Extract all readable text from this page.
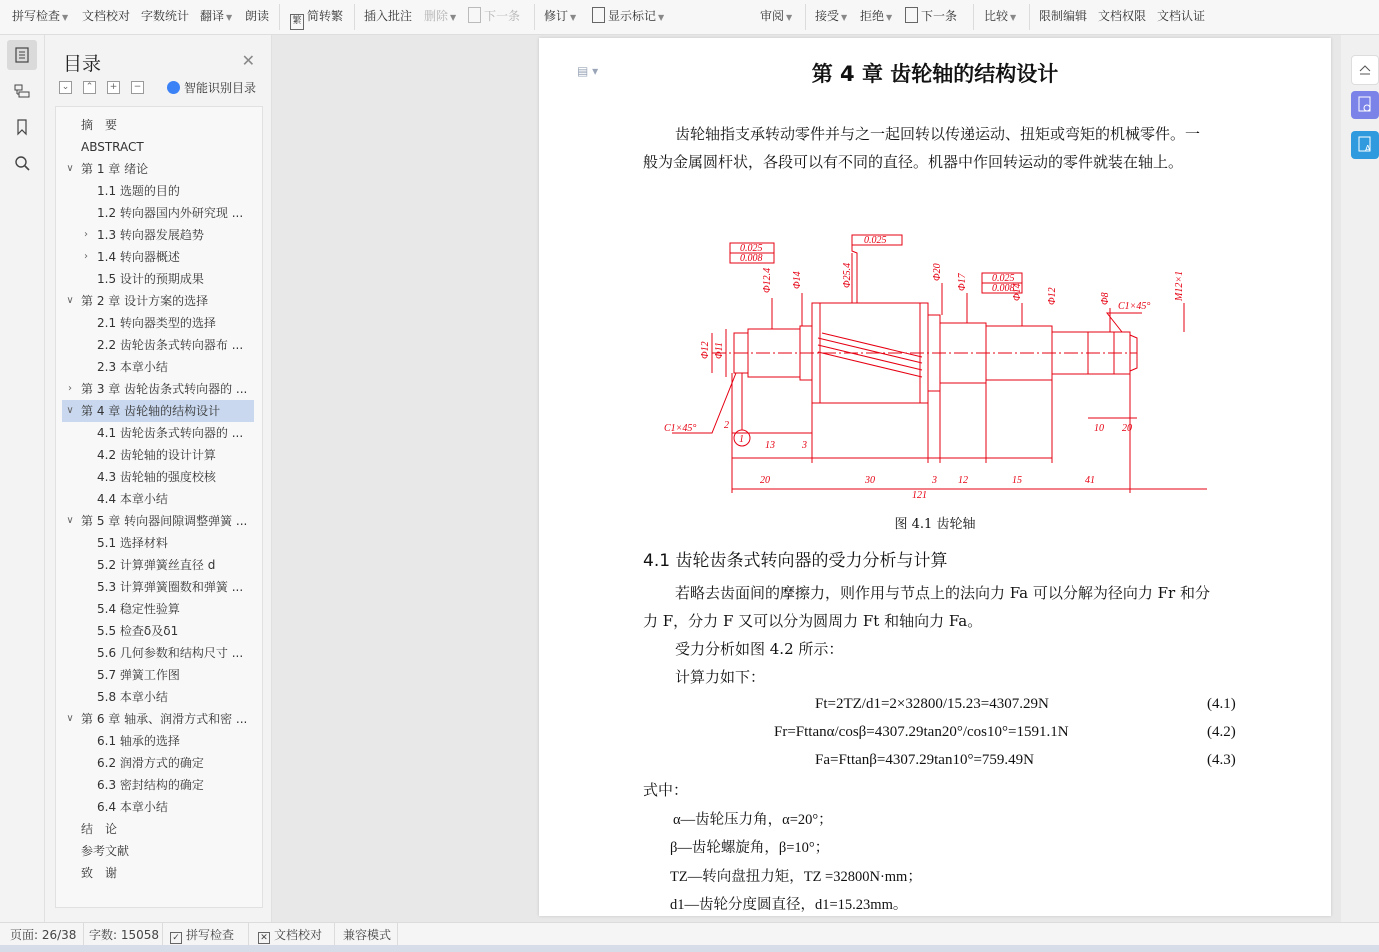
拼写检查 ▼ 文档校对 字数统计 翻译 ▼ 朗读	繁 简转繁 插入批注 删除 ▼	下一条 修订 ▼	显示标记 ▼	审阅 ▼ 接受 ▼ 拒绝 ▼	下一条 比较 ▼ 限制编辑 文档权限 文档认证
目录	✕
⌄	⌃	+	−	智能识别目录
摘　要
ABSTRACT
∨ 第 1 章 绪论
1.1 选题的目的
1.2 转向器国内外研究现 ...
› 1.3 转向器发展趋势
› 1.4 转向器概述
1.5 设计的预期成果
∨ 第 2 章 设计方案的选择
2.1 转向器类型的选择
2.2 齿轮齿条式转向器布 ...
2.3 本章小结
› 第 3 章 齿轮齿条式转向器的 ...
∨ 第 4 章 齿轮轴的结构设计
4.1 齿轮齿条式转向器的 ...
4.2 齿轮轴的设计计算
4.3 齿轮轴的强度校核
4.4 本章小结
∨ 第 5 章 转向器间隙调整弹簧 ...
5.1 选择材料
5.2 计算弹簧丝直径 d
5.3 计算弹簧圈数和弹簧 ...
5.4 稳定性验算
5.5 检查δ及δ1
5.6 几何参数和结构尺寸 ...
5.7 弹簧工作图
5.8 本章小结
∨ 第 6 章 轴承、润滑方式和密 ...
6.1 轴承的选择
6.2 润滑方式的确定
6.3 密封结构的确定
6.4 本章小结
结　论
参考文献
致　谢
▤ ▾	第 4 章 齿轮轴的结构设计
齿轮轴指支承转动零件并与之一起回转以传递运动、扭矩或弯矩的机械零件。一
般为金属圆杆状，各段可以有不同的直径。机器中作回转运动的零件就装在轴上。
20	30	3 12	15	41
121
2
13	3
10 20
C1×45°
C1×45°
0.025
0.008
0.025
0.025
0.008
1
Φ12 Φ11
Φ12.4 Φ14	Φ25.4	Φ20
Φ17
Φ14 Φ12	Φ8	M12×1
图 4.1 齿轮轴
4.1 齿轮齿条式转向器的受力分析与计算
若略去齿面间的摩擦力，则作用与节点上的法向力 Fa 可以分解为径向力 Fr 和分
力 F，分力 F 又可以分为圆周力 Ft 和轴向力 Fa。
受力分析如图 4.2 所示：
计算力如下：
Ft=2TZ/d1=2×32800/15.23=4307.29N	(4.1)
Fr=Fttanα/cosβ=4307.29tan20°/cos10°=1591.1N	(4.2)
Fa=Fttanβ=4307.29tan10°=759.49N	(4.3)
式中：
α—齿轮压力角，α=20°；
β—齿轮螺旋角，β=10°；
TZ—转向盘扭力矩，TZ =32800N·mm；
d1—齿轮分度圆直径，d1=15.23mm。
A
页面: 26/38 字数: 15058 ✓ 拼写检查	✕ 文档校对 兼容模式
